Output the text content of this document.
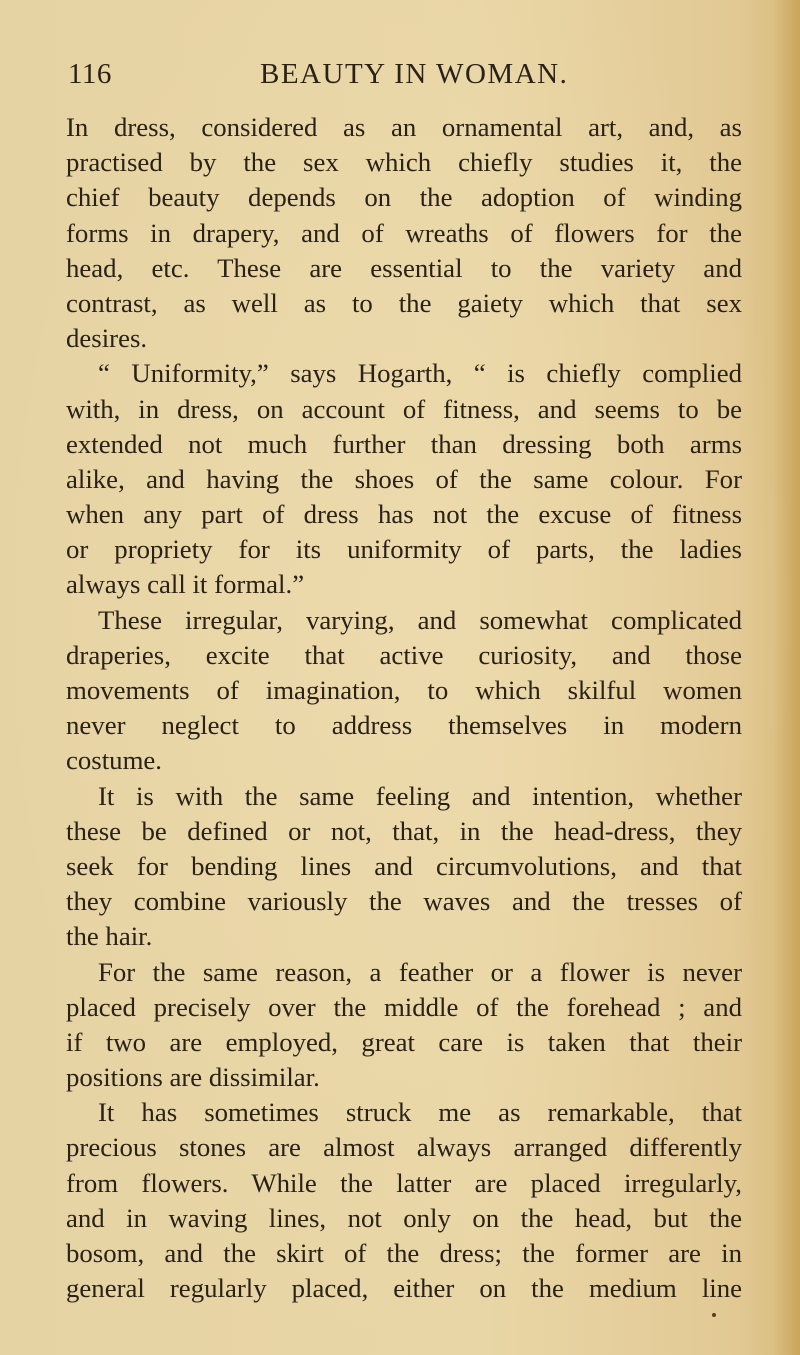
116	BEAUTY IN WOMAN.
In dress, considered as an ornamental art, and, as
practised by the sex which chiefly studies it, the
chief beauty depends on the adoption of winding
forms in drapery, and of wreaths of flowers for the
head, etc. These are essential to the variety and
contrast, as well as to the gaiety which that sex
desires.
“ Uniformity,” says Hogarth, “ is chiefly complied
with, in dress, on account of fitness, and seems to be
extended not much further than dressing both arms
alike, and having the shoes of the same colour. For
when any part of dress has not the excuse of fitness
or propriety for its uniformity of parts, the ladies
always call it formal.”
These irregular, varying, and somewhat complicated
draperies, excite that active curiosity, and those
movements of imagination, to which skilful women
never neglect to address themselves in modern
costume.
It is with the same feeling and intention, whether
these be defined or not, that, in the head-dress, they
seek for bending lines and circumvolutions, and that
they combine variously the waves and the tresses of
the hair.
For the same reason, a feather or a flower is never
placed precisely over the middle of the forehead ; and
if two are employed, great care is taken that their
positions are dissimilar.
It has sometimes struck me as remarkable, that
precious stones are almost always arranged differently
from flowers. While the latter are placed irregularly,
and in waving lines, not only on the head, but the
bosom, and the skirt of the dress; the former are in
general regularly placed, either on the medium line
